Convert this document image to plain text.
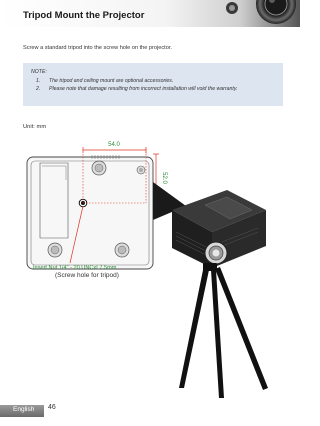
Tripod Mount the Projector

Screw a standard tripod into the screw hole on the projector.

NOTE:

1. The tripod and ceiling mount are optional accessories.
2. Please note that damage resulting from incorrect installation will void the warranty.

Unit: mm

54.0
52.0
Insert Nut 1/4" - 20 UNCxL7.5mm

(Screw hole for tripod)

English 46
